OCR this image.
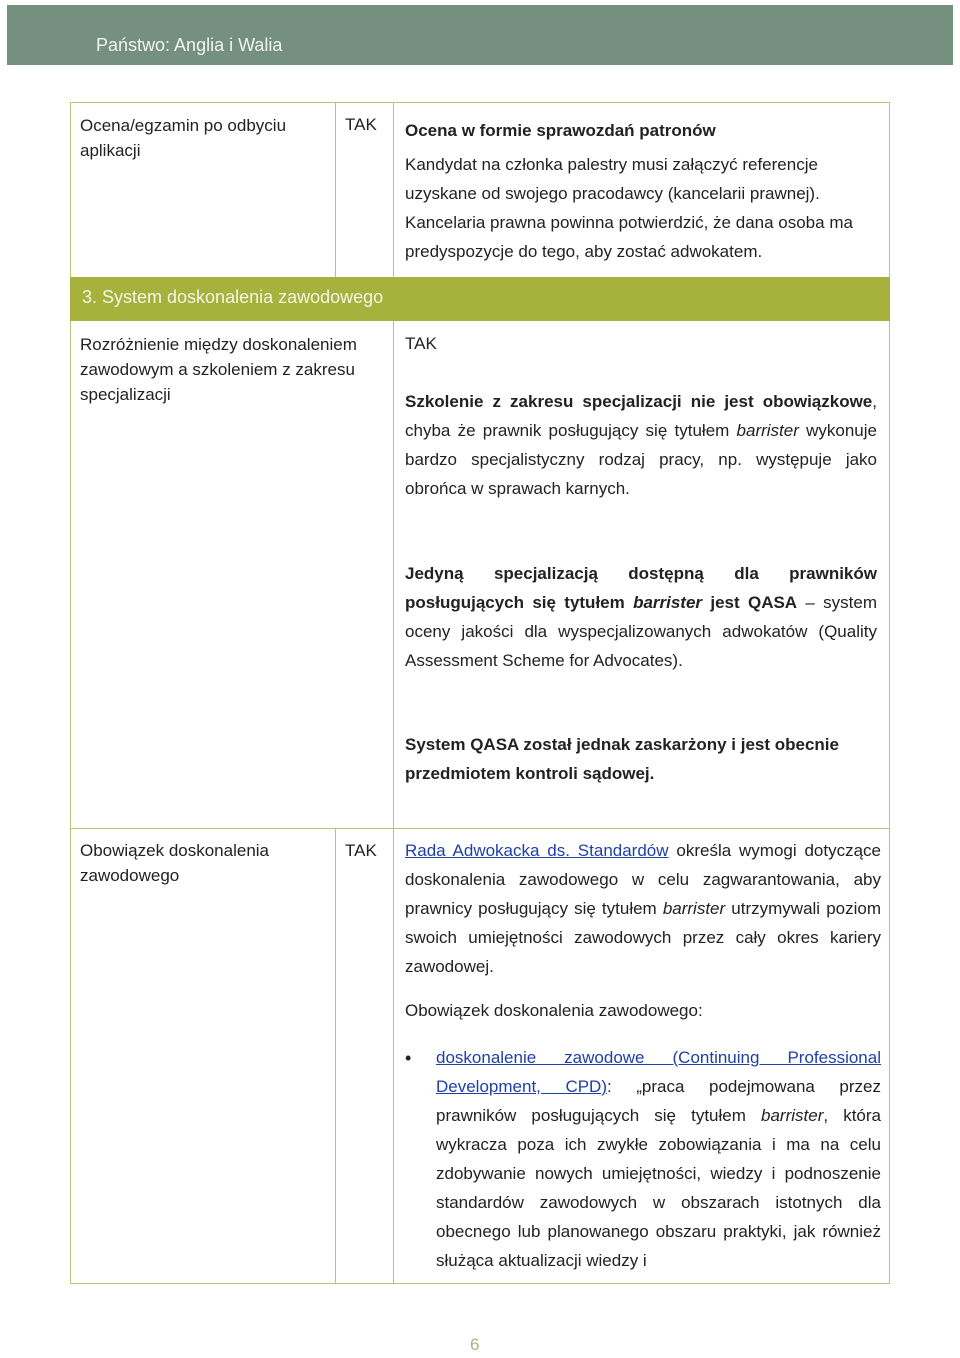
Państwo: Anglia i Walia
Ocena/egzamin po odbyciu aplikacji
TAK Ocena w formie sprawozdań patronów
Kandydat na członka palestry musi załączyć referencje uzyskane od swojego pracodawcy (kancelarii prawnej). Kancelaria prawna powinna potwierdzić, że dana osoba ma predyspozycje do tego, aby zostać adwokatem.
3. System doskonalenia zawodowego
Rozróżnienie między doskonaleniem zawodowym a szkoleniem z zakresu specjalizacji
TAK
Szkolenie z zakresu specjalizacji nie jest obowiązkowe, chyba że prawnik posługujący się tytułem barrister wykonuje bardzo specjalistyczny rodzaj pracy, np. występuje jako obrońca w sprawach karnych.
Jedyną specjalizacją dostępną dla prawników posługujących się tytułem barrister jest QASA – system oceny jakości dla wyspecjalizowanych adwokatów (Quality Assessment Scheme for Advocates).
System QASA został jednak zaskarżony i jest obecnie przedmiotem kontroli sądowej.
Obowiązek doskonalenia zawodowego
TAK Rada Adwokacka ds. Standardów określa wymogi dotyczące doskonalenia zawodowego w celu zagwarantowania, aby prawnicy posługujący się tytułem barrister utrzymywali poziom swoich umiejętności zawodowych przez cały okres kariery zawodowej.
Obowiązek doskonalenia zawodowego:
• doskonalenie zawodowe (Continuing Professional Development, CPD): „praca podejmowana przez prawników posługujących się tytułem barrister, która wykracza poza ich zwykłe zobowiązania i ma na celu zdobywanie nowych umiejętności, wiedzy i podnoszenie standardów zawodowych w obszarach istotnych dla obecnego lub planowanego obszaru praktyki, jak również służąca aktualizacji wiedzy i
6
